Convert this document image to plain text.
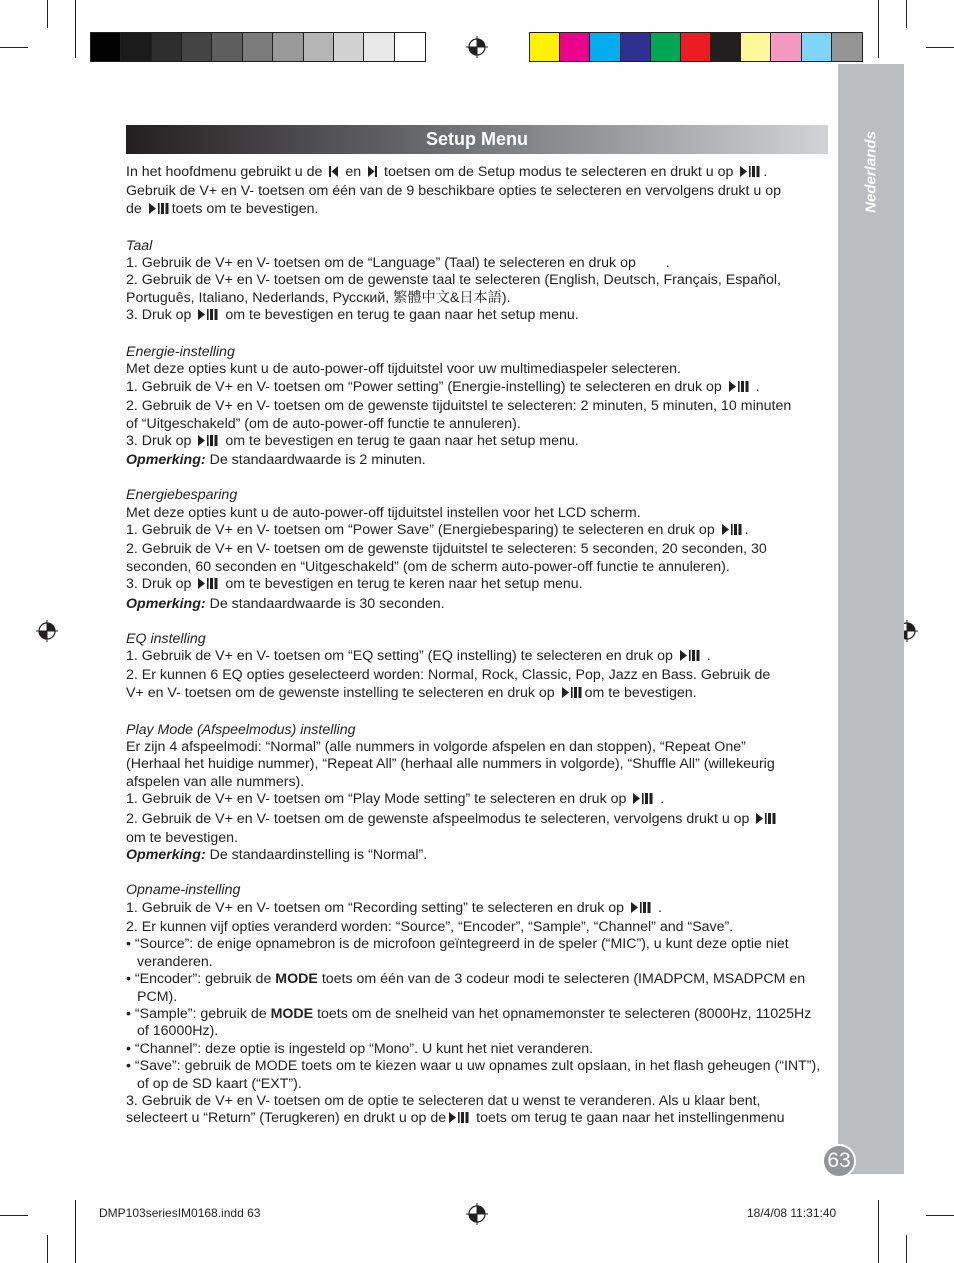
Nederlands
63
Setup Menu

In het hoofdmenu gebruikt u de en toetsen om de Setup modus te selecteren en drukt u op .

Gebruik de V+ en V- toetsen om één van de 9 beschikbare opties te selecteren en vervolgens drukt u op

de toets om te bevestigen.

Taal

1. Gebruik de V+ en V- toetsen om de “Language” (Taal) te selecteren en druk op .

2. Gebruik de V+ en V- toetsen om de gewenste taal te selecteren (English, Deutsch, Français, Español,

Português, Italiano, Nederlands, Русский, 繁體中文&日本語).

3. Druk op om te bevestigen en terug te gaan naar het setup menu.

Energie-instelling

Met deze opties kunt u de auto-power-off tijduitstel voor uw multimediaspeler selecteren.

1. Gebruik de V+ en V- toetsen om “Power setting” (Energie-instelling) te selecteren en druk op .

2. Gebruik de V+ en V- toetsen om de gewenste tijduitstel te selecteren: 2 minuten, 5 minuten, 10 minuten

of “Uitgeschakeld” (om de auto-power-off functie te annuleren).

3. Druk op om te bevestigen en terug te gaan naar het setup menu.

Opmerking: De standaardwaarde is 2 minuten.

Energiebesparing

Met deze opties kunt u de auto-power-off tijduitstel instellen voor het LCD scherm.

1. Gebruik de V+ en V- toetsen om “Power Save” (Energiebesparing) te selecteren en druk op .

2. Gebruik de V+ en V- toetsen om de gewenste tijduitstel te selecteren: 5 seconden, 20 seconden, 30

seconden, 60 seconden en “Uitgeschakeld” (om de scherm auto-power-off functie te annuleren).

3. Druk op om te bevestigen en terug te keren naar het setup menu.

Opmerking: De standaardwaarde is 30 seconden.

EQ instelling

1. Gebruik de V+ en V- toetsen om “EQ setting” (EQ instelling) te selecteren en druk op .

2. Er kunnen 6 EQ opties geselecteerd worden: Normal, Rock, Classic, Pop, Jazz en Bass. Gebruik de

V+ en V- toetsen om de gewenste instelling te selecteren en druk op om te bevestigen.

Play Mode (Afspeelmodus) instelling

Er zijn 4 afspeelmodi: “Normal” (alle nummers in volgorde afspelen en dan stoppen), “Repeat One”

(Herhaal het huidige nummer), “Repeat All” (herhaal alle nummers in volgorde), “Shuffle All” (willekeurig

afspelen van alle nummers).

1. Gebruik de V+ en V- toetsen om “Play Mode setting” te selecteren en druk op .

2. Gebruik de V+ en V- toetsen om de gewenste afspeelmodus te selecteren, vervolgens drukt u op

om te bevestigen.

Opmerking: De standaardinstelling is “Normal”.

Opname-instelling

1. Gebruik de V+ en V- toetsen om “Recording setting” te selecteren en druk op .

2. Er kunnen vijf opties veranderd worden: “Source”, “Encoder”, “Sample”, “Channel” and “Save”.

• “Source”: de enige opnamebron is de microfoon geïntegreerd in de speler (“MIC”), u kunt deze optie niet veranderen.

• “Encoder”: gebruik de MODE toets om één van de 3 codeur modi te selecteren (IMADPCM, MSADPCM en PCM).

• “Sample”: gebruik de MODE toets om de snelheid van het opnamemonster te selecteren (8000Hz, 11025Hz of 16000Hz).

• “Channel”: deze optie is ingesteld op “Mono”. U kunt het niet veranderen.

• “Save”: gebruik de MODE toets om te kiezen waar u uw opnames zult opslaan, in het flash geheugen (“INT”), of op de SD kaart (“EXT”).

3. Gebruik de V+ en V- toetsen om de optie te selecteren dat u wenst te veranderen. Als u klaar bent,

selecteert u “Return” (Terugkeren) en drukt u op de toets om terug te gaan naar het instellingenmenu

DMP103seriesIM0168.indd 63	18/4/08 11:31:40
